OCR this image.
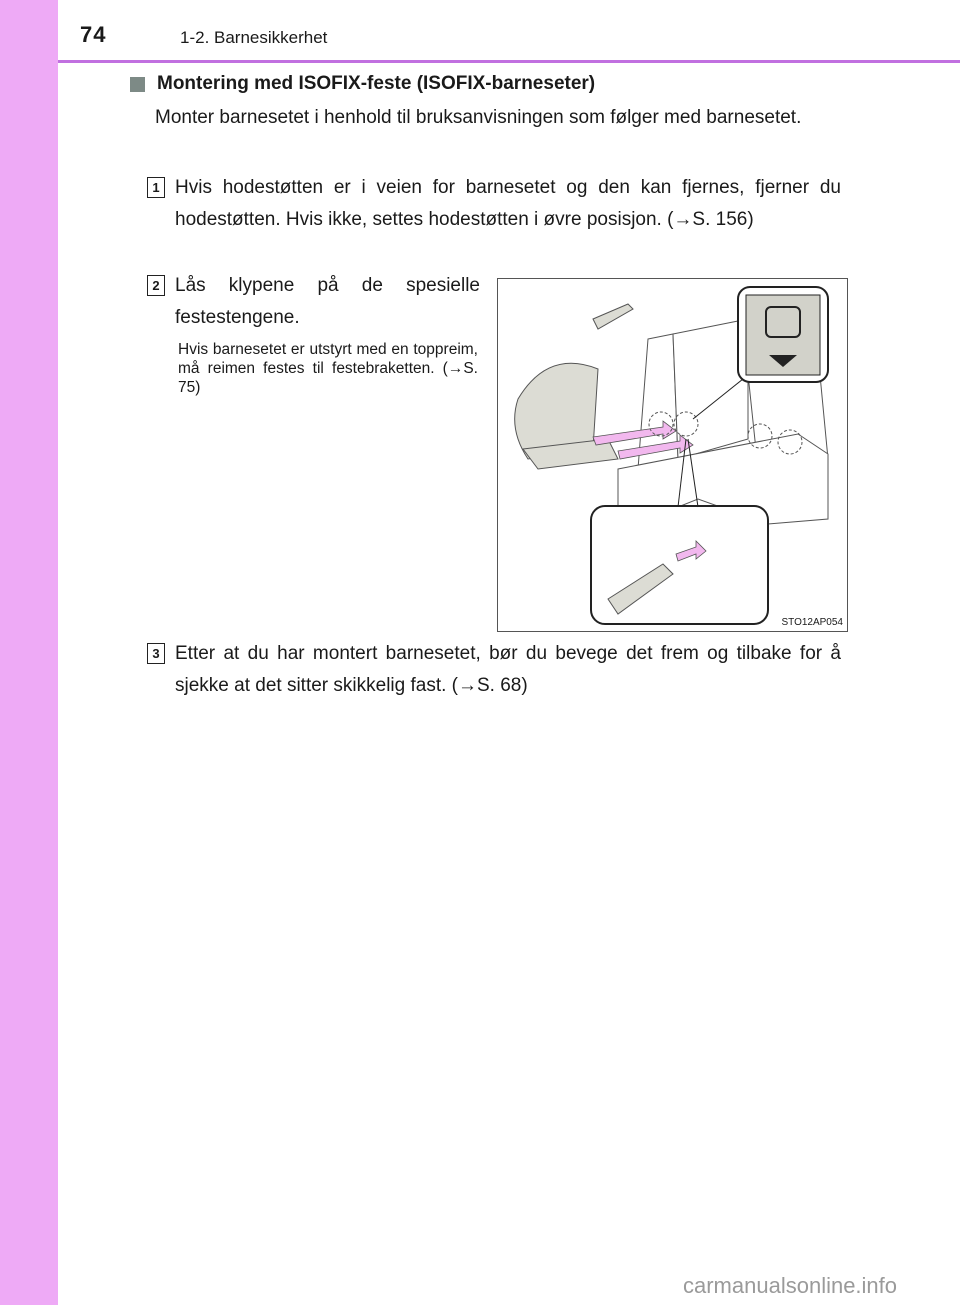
74	1-2. Barnesikkerhet
Montering med ISOFIX-feste (ISOFIX-barneseter)
Monter barnesetet i henhold til bruksanvisningen som følger med barnesetet.
1 Hvis hodestøtten er i veien for barnesetet og den kan fjernes, fjerner du hodestøtten. Hvis ikke, settes hodestøtten i øvre posisjon. (→S. 156)
2 Lås klypene på de spesielle festestengene.
Hvis barnesetet er utstyrt med en toppreim, må reimen festes til festebraketten. (→S. 75)
STO12AP054
3 Etter at du har montert barnesetet, bør du bevege det frem og tilbake for å sjekke at det sitter skikkelig fast. (→S. 68)
carmanualsonline.info
